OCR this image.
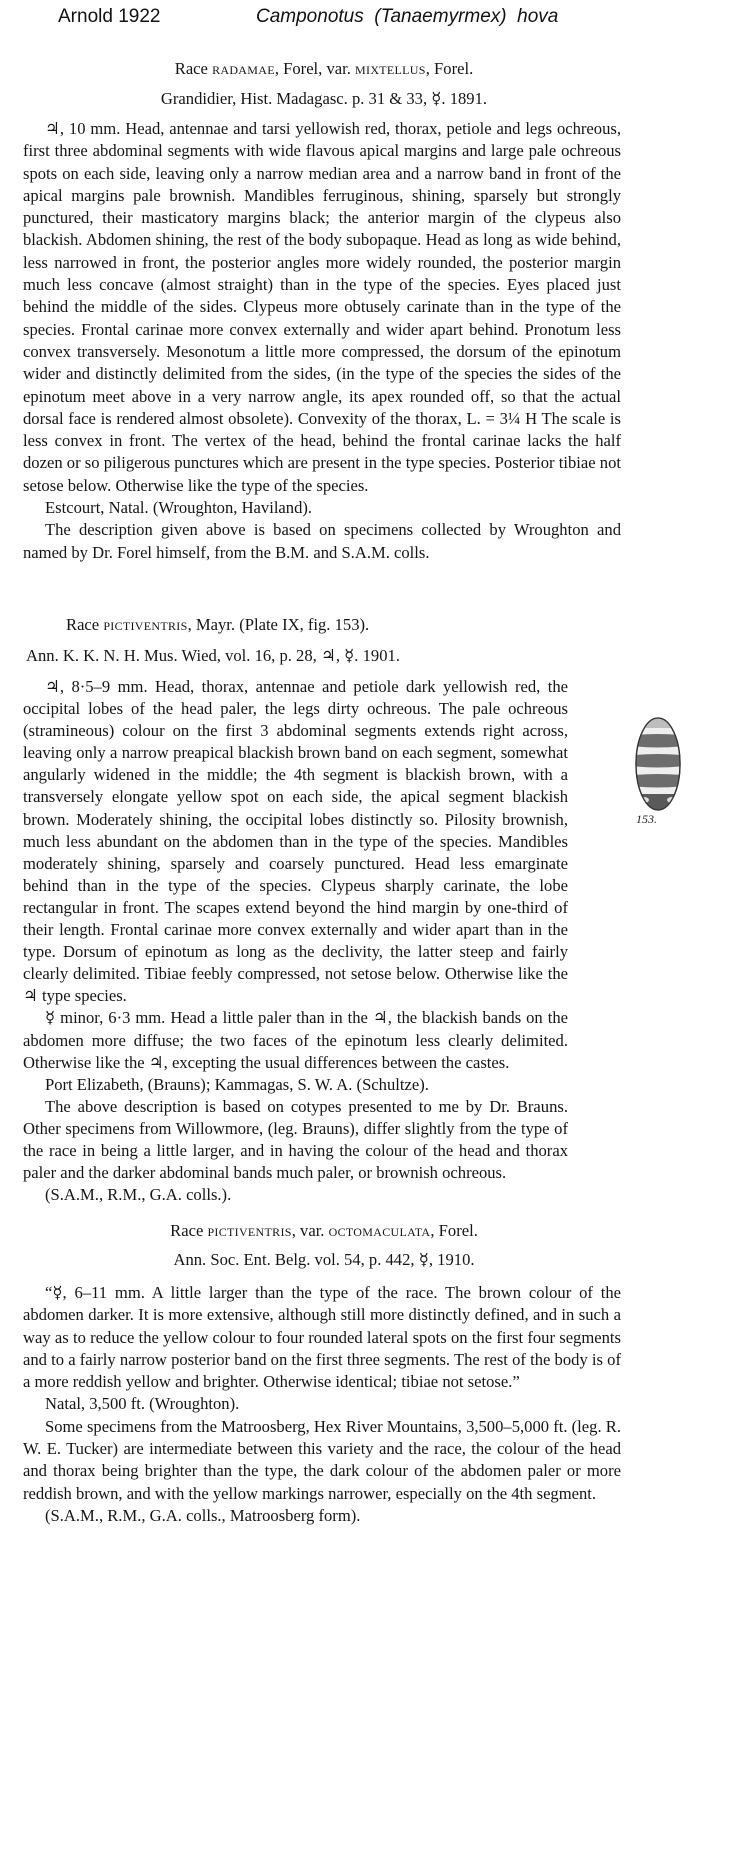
Arnold 1922	Camponotus  (Tanaemyrmex)  hova
Race radamae, Forel, var. mixtellus, Forel.
Grandidier, Hist. Madagasc. p. 31 & 33, ☿. 1891.

♃, 10 mm. Head, antennae and tarsi yellowish red, thorax, petiole and legs ochreous, first three abdominal segments with wide flavous apical margins and large pale ochreous spots on each side, leaving only a narrow median area and a narrow band in front of the apical margins pale brownish. Mandibles ferruginous, shining, sparsely but strongly punctured, their masticatory margins black; the anterior margin of the clypeus also blackish. Abdomen shining, the rest of the body subopaque. Head as long as wide behind, less narrowed in front, the posterior angles more widely rounded, the posterior margin much less concave (almost straight) than in the type of the species. Eyes placed just behind the middle of the sides. Clypeus more obtusely carinate than in the type of the species. Frontal carinae more convex externally and wider apart behind. Pronotum less convex transversely. Mesonotum a little more compressed, the dorsum of the epinotum wider and distinctly delimited from the sides, (in the type of the species the sides of the epinotum meet above in a very narrow angle, its apex rounded off, so that the actual dorsal face is rendered almost obsolete). Convexity of the thorax, L. = 3¼ H The scale is less convex in front. The vertex of the head, behind the frontal carinae lacks the half dozen or so piligerous punctures which are present in the type species. Posterior tibiae not setose below. Otherwise like the type of the species.

Estcourt, Natal. (Wroughton, Haviland).

The description given above is based on specimens collected by Wroughton and named by Dr. Forel himself, from the B.M. and S.A.M. colls.

Race pictiventris, Mayr. (Plate IX, fig. 153).
Ann. K. K. N. H. Mus. Wied, vol. 16, p. 28, ♃, ☿. 1901.

♃, 8·5–9 mm. Head, thorax, antennae and petiole dark yellowish red, the occipital lobes of the head paler, the legs dirty ochreous. The pale ochreous (stramineous) colour on the first 3 abdominal segments extends right across, leaving only a narrow preapical blackish brown band on each segment, somewhat angularly widened in the middle; the 4th segment is blackish brown, with a transversely elongate yellow spot on each side, the apical segment blackish brown. Moderately shining, the occipital lobes distinctly so. Pilosity brownish, much less abundant on the abdomen than in the type of the species. Mandibles moderately shining, sparsely and coarsely punctured. Head less emarginate behind than in the type of the species. Clypeus sharply carinate, the lobe rectangular in front. The scapes extend beyond the hind margin by one-third of their length. Frontal carinae more convex externally and wider apart than in the type. Dorsum of epinotum as long as the declivity, the latter steep and fairly clearly delimited. Tibiae feebly compressed, not setose below. Otherwise like the ♃ type species.

☿ minor, 6·3 mm. Head a little paler than in the ♃, the blackish bands on the abdomen more diffuse; the two faces of the epinotum less clearly delimited. Otherwise like the ♃, excepting the usual differences between the castes.

Port Elizabeth, (Brauns); Kammagas, S. W. A. (Schultze).

The above description is based on cotypes presented to me by Dr. Brauns. Other specimens from Willowmore, (leg. Brauns), differ slightly from the type of the race in being a little larger, and in having the colour of the head and thorax paler and the darker abdominal bands much paler, or brownish ochreous.

(S.A.M., R.M., G.A. colls.).

153.
Race pictiventris, var. octomaculata, Forel.
Ann. Soc. Ent. Belg. vol. 54, p. 442, ☿, 1910.

“☿, 6–11 mm. A little larger than the type of the race. The brown colour of the abdomen darker. It is more extensive, although still more distinctly defined, and in such a way as to reduce the yellow colour to four rounded lateral spots on the first four segments and to a fairly narrow posterior band on the first three segments. The rest of the body is of a more reddish yellow and brighter. Otherwise identical; tibiae not setose.”

Natal, 3,500 ft. (Wroughton).

Some specimens from the Matroosberg, Hex River Mountains, 3,500–5,000 ft. (leg. R. W. E. Tucker) are intermediate between this variety and the race, the colour of the head and thorax being brighter than the type, the dark colour of the abdomen paler or more reddish brown, and with the yellow markings narrower, especially on the 4th segment.

(S.A.M., R.M., G.A. colls., Matroosberg form).
